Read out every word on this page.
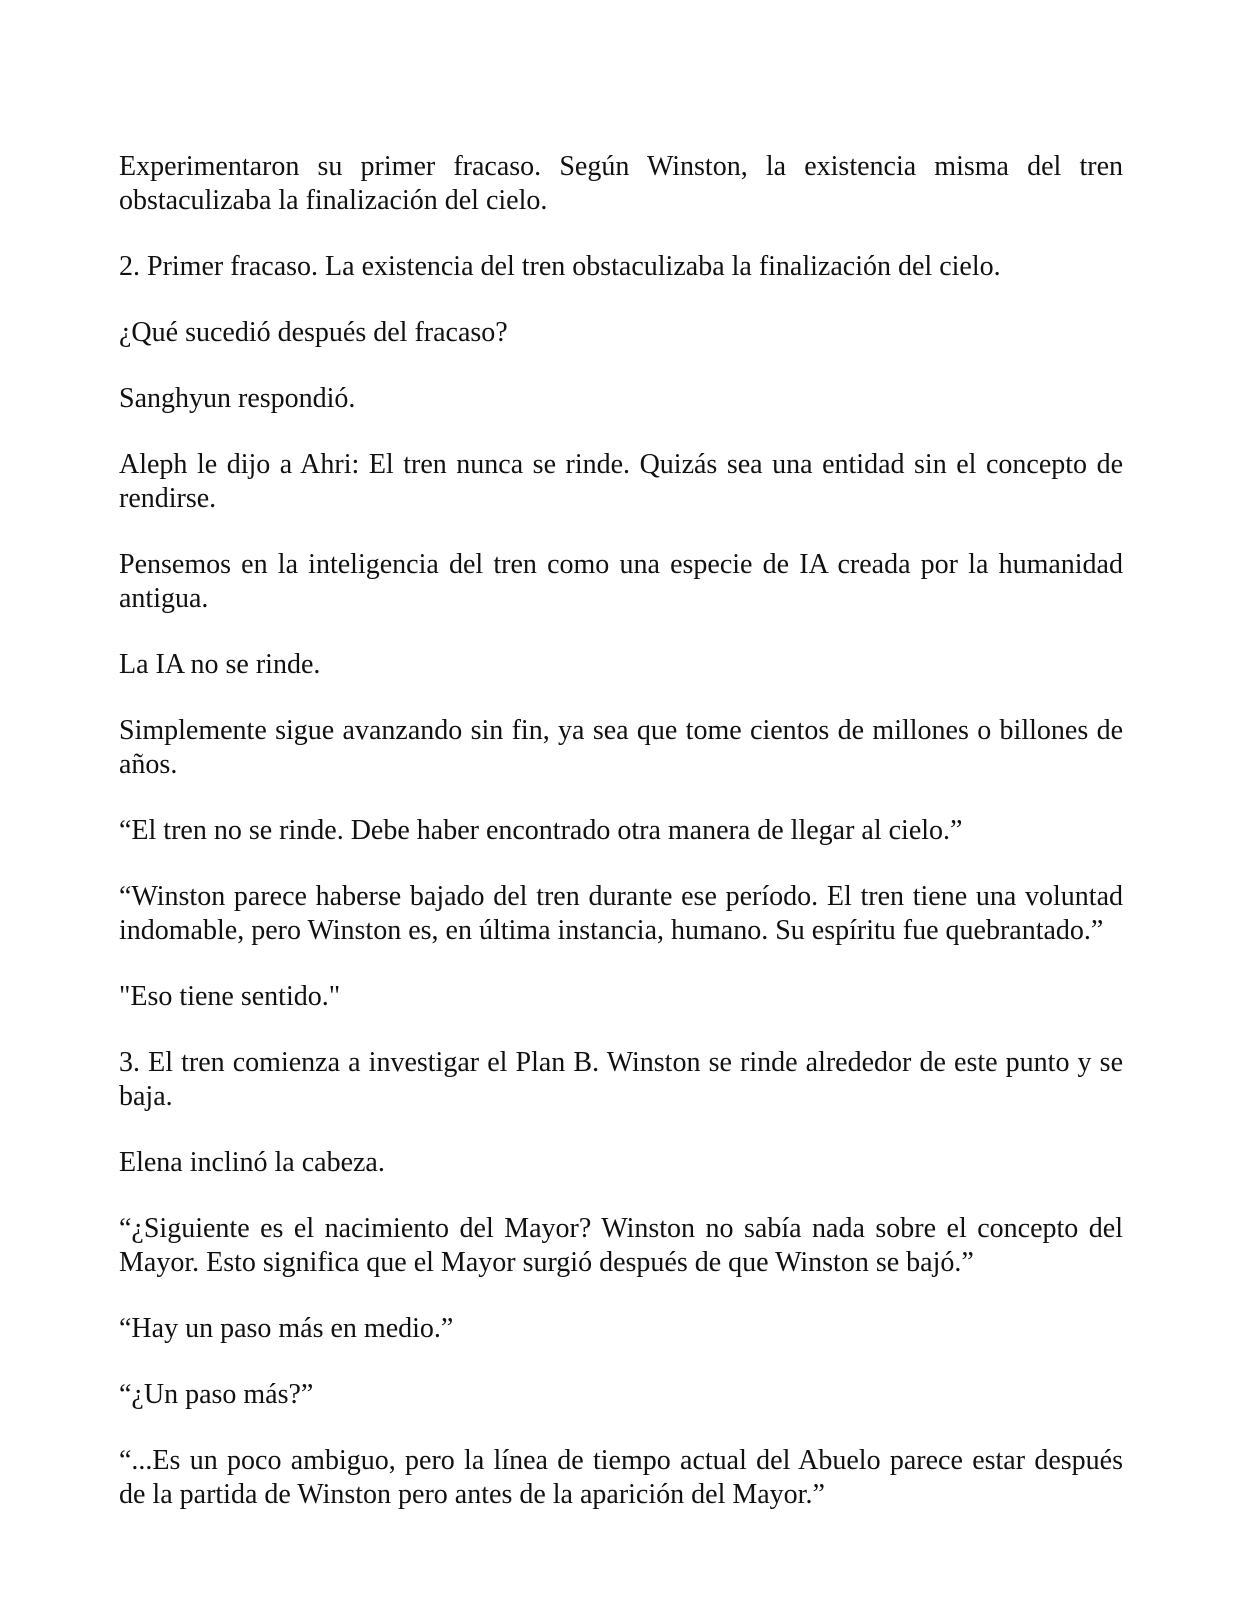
Experimentaron su primer fracaso. Según Winston, la existencia misma del tren obstaculizaba la finalización del cielo.

2. Primer fracaso. La existencia del tren obstaculizaba la finalización del cielo.

¿Qué sucedió después del fracaso?

Sanghyun respondió.

Aleph le dijo a Ahri: El tren nunca se rinde. Quizás sea una entidad sin el concepto de rendirse.

Pensemos en la inteligencia del tren como una especie de IA creada por la humanidad antigua.

La IA no se rinde.

Simplemente sigue avanzando sin fin, ya sea que tome cientos de millones o billones de años.

“El tren no se rinde. Debe haber encontrado otra manera de llegar al cielo.”

“Winston parece haberse bajado del tren durante ese período. El tren tiene una voluntad indomable, pero Winston es, en última instancia, humano. Su espíritu fue quebrantado.”

"Eso tiene sentido."

3. El tren comienza a investigar el Plan B. Winston se rinde alrededor de este punto y se baja.

Elena inclinó la cabeza.

“¿Siguiente es el nacimiento del Mayor? Winston no sabía nada sobre el concepto del Mayor. Esto significa que el Mayor surgió después de que Winston se bajó.”

“Hay un paso más en medio.”

“¿Un paso más?”

“...Es un poco ambiguo, pero la línea de tiempo actual del Abuelo parece estar después de la partida de Winston pero antes de la aparición del Mayor.”
